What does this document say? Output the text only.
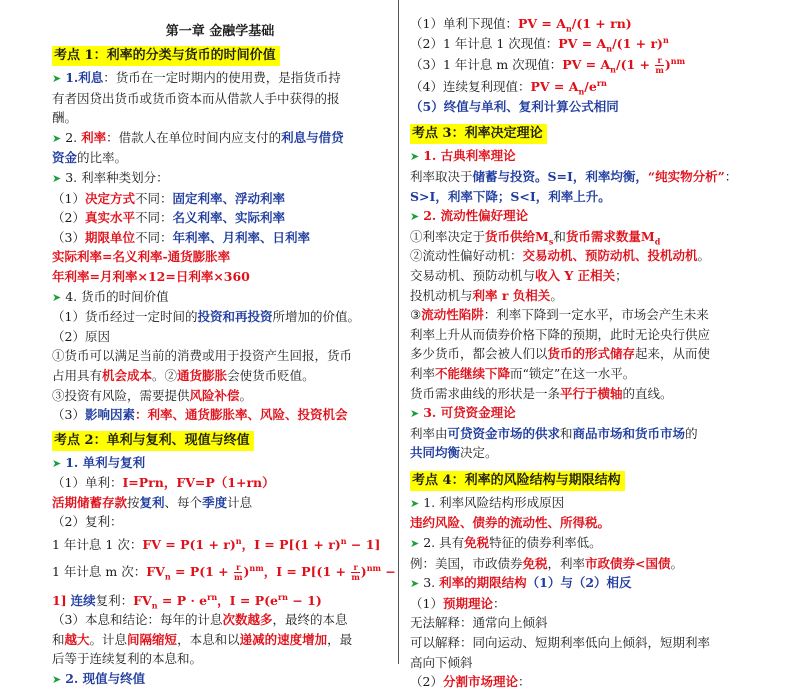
第一章 金融学基础
考点 1：利率的分类与货币的时间价值
➤ 1.利息：货币在一定时期内的使用费，是指货币持
有者因贷出货币或货币资本而从借款人手中获得的报
酬。
➤ 2. 利率：借款人在单位时间内应支付的利息与借贷
资金的比率。
➤ 3. 利率种类划分：
（1）决定方式不同：固定利率、浮动利率
（2）真实水平不同：名义利率、实际利率
（3）期限单位不同：年利率、月利率、日利率
实际利率=名义利率-通货膨胀率
年利率=月利率×12=日利率×360
➤ 4. 货币的时间价值
（1）货币经过一定时间的投资和再投资所增加的价值。
（2）原因
①货币可以满足当前的消费或用于投资产生回报，货币
占用具有机会成本。②通货膨胀会使货币贬值。
③投资有风险，需要提供风险补偿。
（3）影响因素：利率、通货膨胀率、风险、投资机会
考点 2：单利与复利、现值与终值
➤ 1. 单利与复利
（1）单利：I=Prn，FV=P（1+rn）
活期储蓄存款按复利、每个季度计息
（2）复利：
1 年计息 1 次：FV = $P(1 + r)^n$，$I = P[(1 + r)^n - 1]$
1 年计息 m 次：$FV_n = P(1 + \frac{r}{m} )^{nm}$，$I = P[(1 + \frac{r}{m} )^{nm}$ −
1] 连续复利：$FV_n = P \cdot e^{rn}$，$I = P(e^{rn} - 1)$
（3）本息和结论：每年的计息次数越多，最终的本息
和越大。计息间隔缩短，本息和以递减的速度增加，最
后等于连续复利的本息和。
➤ 2. 现值与终值
（1）单利下现值：PV = $A_n/(1 + rn)$
（2）1 年计息 1 次现值：PV = $A_n/(1 + r)^n$
（3）1 年计息 m 次现值：PV = $A_n/(1 + \frac{r}{m} )^{nm}$
（4）连续复利现值：PV = $A_n/e^{rn}$
（5）终值与单利、复利计算公式相同
考点 3：利率决定理论
➤ 1. 古典利率理论
利率取决于储蓄与投资。S=I，利率均衡，“纯实物分析”：
S>I，利率下降；S<I，利率上升。
➤ 2. 流动性偏好理论
①利率决定于货币供给$M_s$和货币需求数量$M_d$
②流动性偏好动机：交易动机、预防动机、投机动机。
交易动机、预防动机与收入 Y 正相关；
投机动机与利率 r 负相关。
③流动性陷阱：利率下降到一定水平，市场会产生未来
利率上升从而债券价格下降的预期，此时无论央行供应
多少货币，都会被人们以货币的形式储存起来，从而使
利率不能继续下降而“锁定”在这一水平。
货币需求曲线的形状是一条平行于横轴的直线。
➤ 3. 可贷资金理论
利率由可贷资金市场的供求和商品市场和货币市场的
共同均衡决定。
考点 4：利率的风险结构与期限结构
➤ 1. 利率风险结构形成原因
违约风险、债券的流动性、所得税。
➤ 2. 具有免税特征的债券利率低。
例：美国，市政债券免税，利率市政债券<国债。
➤ 3. 利率的期限结构（1）与（2）相反
（1）预期理论：
无法解释：通常向上倾斜
可以解释：同向运动、短期利率低向上倾斜，短期利率
高向下倾斜
（2）分割市场理论：
